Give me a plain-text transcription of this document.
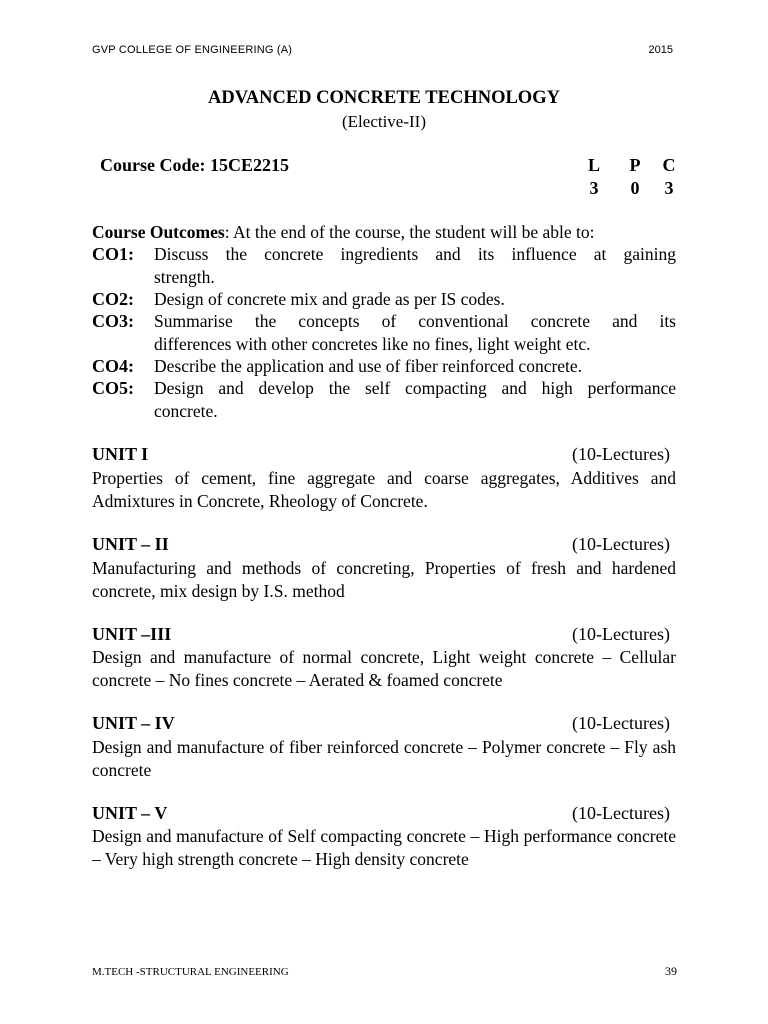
GVP COLLEGE OF ENGINEERING (A)	2015
ADVANCED CONCRETE TECHNOLOGY
(Elective-II)
Course Code: 15CE2215	L P C
3	0	3
Course Outcomes: At the end of the course, the student will be able to:
CO1: Discuss the concrete ingredients and its influence at gaining
strength.
CO2: Design of concrete mix and grade as per IS codes.
CO3: Summarise the concepts of conventional concrete and its
differences with other concretes like no fines, light weight etc.
CO4: Describe the application and use of fiber reinforced concrete.
CO5: Design and develop the self compacting and high performance
concrete.
UNIT I	(10-Lectures)
Properties of cement, fine aggregate and coarse aggregates, Additives and Admixtures in Concrete, Rheology of Concrete.
UNIT – II	(10-Lectures)
Manufacturing and methods of concreting, Properties of fresh and hardened concrete, mix design by I.S. method
UNIT –III	(10-Lectures)
Design and manufacture of normal concrete, Light weight concrete – Cellular concrete – No fines concrete – Aerated & foamed concrete
UNIT – IV	(10-Lectures)
Design and manufacture of fiber reinforced concrete – Polymer concrete – Fly ash concrete
UNIT – V	(10-Lectures)
Design and manufacture of Self compacting concrete – High performance concrete – Very high strength concrete – High density concrete
M.TECH -STRUCTURAL ENGINEERING	39
